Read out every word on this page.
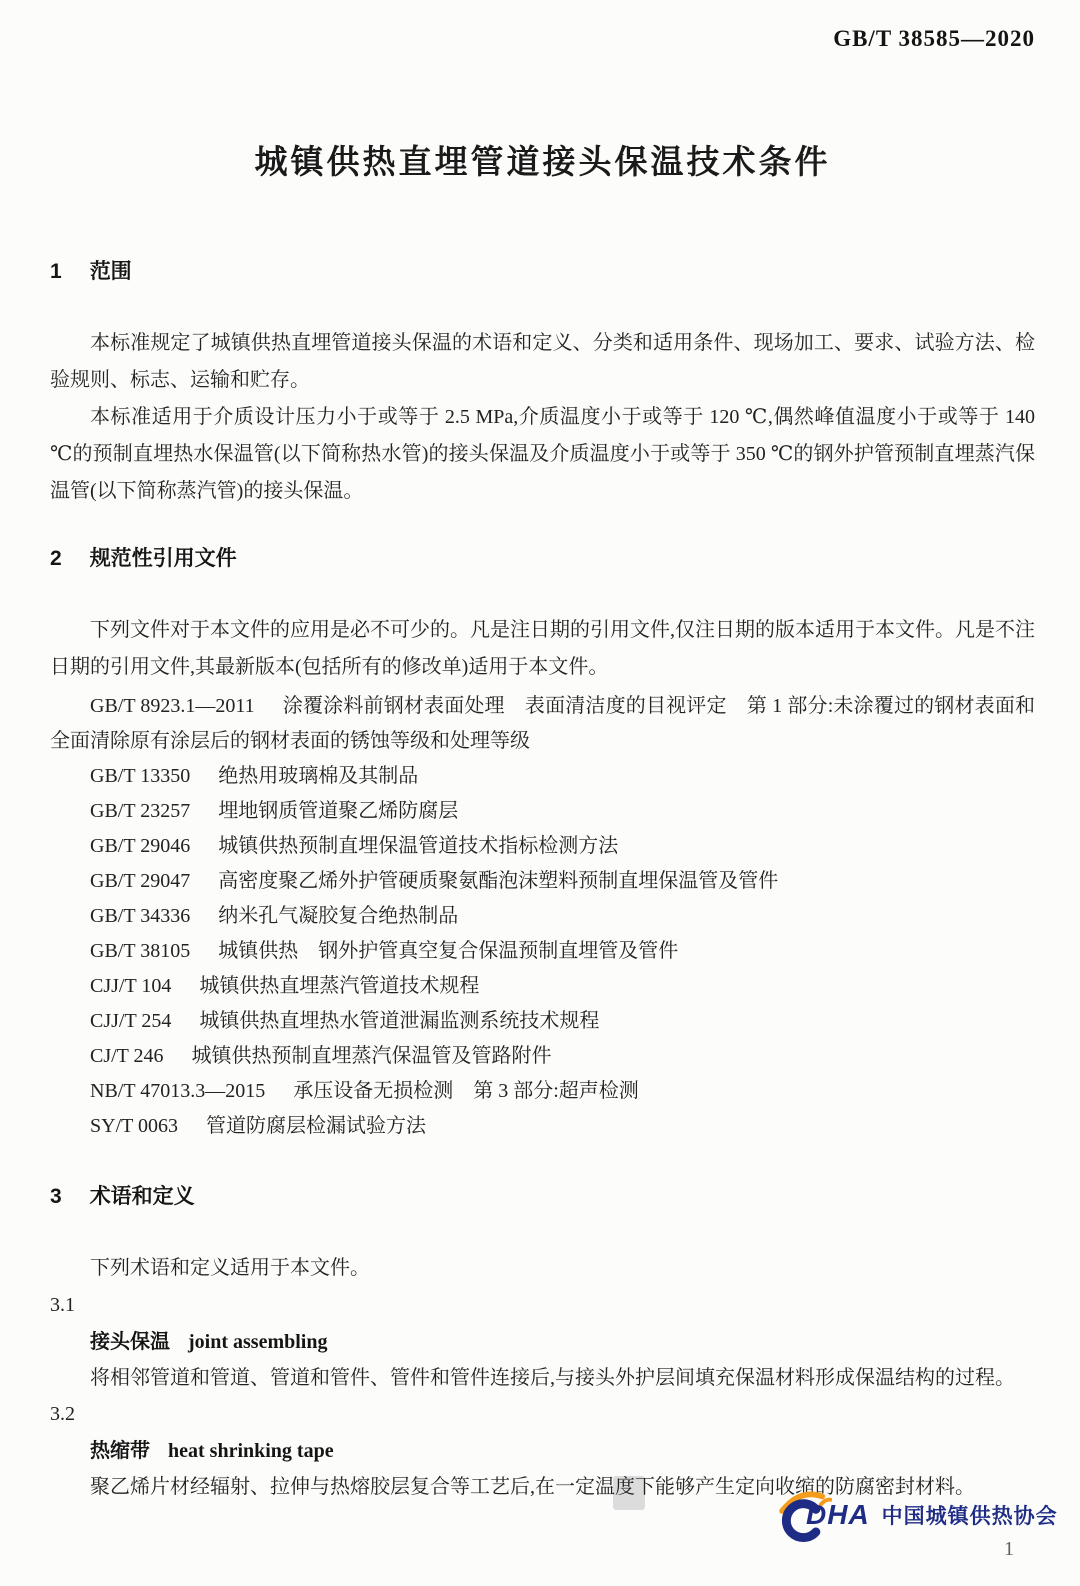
GB/T 38585—2020
城镇供热直埋管道接头保温技术条件
1 范围

本标准规定了城镇供热直埋管道接头保温的术语和定义、分类和适用条件、现场加工、要求、试验方法、检验规则、标志、运输和贮存。

本标准适用于介质设计压力小于或等于 2.5 MPa,介质温度小于或等于 120 ℃,偶然峰值温度小于或等于 140 ℃的预制直埋热水保温管(以下简称热水管)的接头保温及介质温度小于或等于 350 ℃的钢外护管预制直埋蒸汽保温管(以下简称蒸汽管)的接头保温。

2 规范性引用文件

下列文件对于本文件的应用是必不可少的。凡是注日期的引用文件,仅注日期的版本适用于本文件。凡是不注日期的引用文件,其最新版本(包括所有的修改单)适用于本文件。

GB/T 8923.1—2011 涂覆涂料前钢材表面处理　表面清洁度的目视评定　第 1 部分:未涂覆过的钢材表面和全面清除原有涂层后的钢材表面的锈蚀等级和处理等级

GB/T 13350 绝热用玻璃棉及其制品

GB/T 23257 埋地钢质管道聚乙烯防腐层

GB/T 29046 城镇供热预制直埋保温管道技术指标检测方法

GB/T 29047 高密度聚乙烯外护管硬质聚氨酯泡沫塑料预制直埋保温管及管件

GB/T 34336 纳米孔气凝胶复合绝热制品

GB/T 38105 城镇供热　钢外护管真空复合保温预制直埋管及管件

CJJ/T 104 城镇供热直埋蒸汽管道技术规程

CJJ/T 254 城镇供热直埋热水管道泄漏监测系统技术规程

CJ/T 246 城镇供热预制直埋蒸汽保温管及管路附件

NB/T 47013.3—2015 承压设备无损检测　第 3 部分:超声检测

SY/T 0063 管道防腐层检漏试验方法

3 术语和定义

下列术语和定义适用于本文件。

3.1

接头保温 joint assembling

将相邻管道和管道、管道和管件、管件和管件连接后,与接头外护层间填充保温材料形成保温结构的过程。

3.2

热缩带 heat shrinking tape

聚乙烯片材经辐射、拉伸与热熔胶层复合等工艺后,在一定温度下能够产生定向收缩的防腐密封材料。

DHA 中国城镇供热协会
1
